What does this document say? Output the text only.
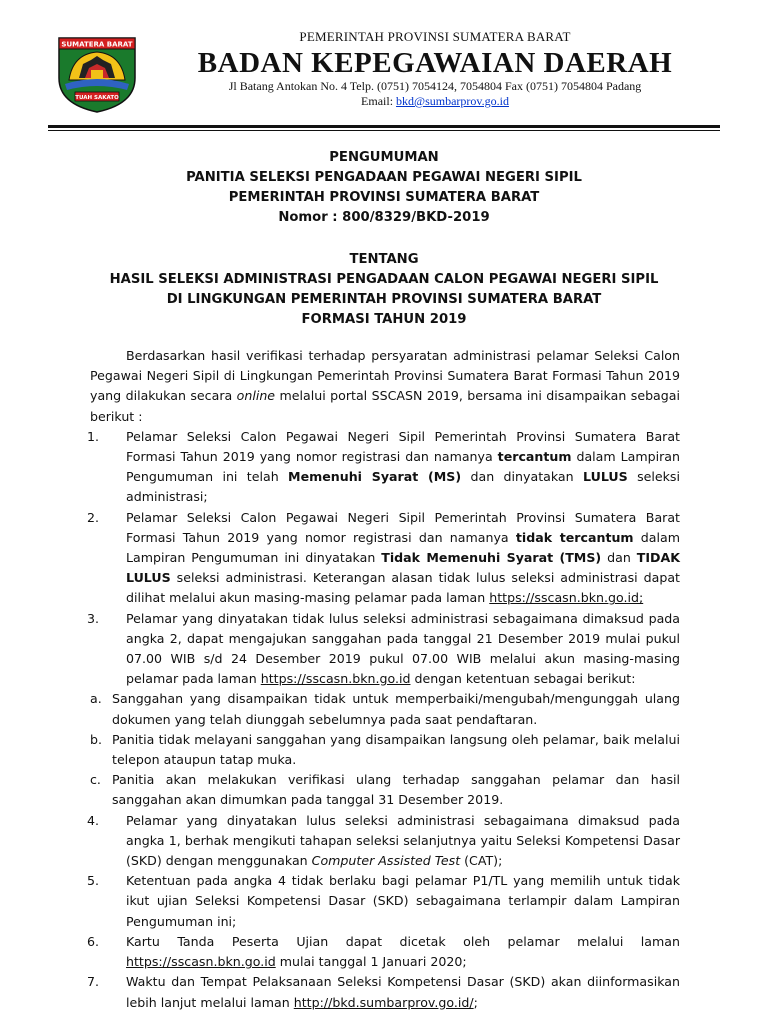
SUMATERA BARAT
TUAH SAKATO
PEMERINTAH PROVINSI SUMATERA BARAT
BADAN KEPEGAWAIAN DAERAH
Jl Batang Antokan No. 4 Telp. (0751) 7054124, 7054804 Fax (0751) 7054804 Padang
Email: bkd@sumbarprov.go.id
PENGUMUMAN
PANITIA SELEKSI PENGADAAN PEGAWAI NEGERI SIPIL
PEMERINTAH PROVINSI SUMATERA BARAT
Nomor : 800/8329/BKD-2019
TENTANG
HASIL SELEKSI ADMINISTRASI PENGADAAN CALON PEGAWAI NEGERI SIPIL
DI LINGKUNGAN PEMERINTAH PROVINSI SUMATERA BARAT
FORMASI TAHUN 2019

Berdasarkan hasil verifikasi terhadap persyaratan administrasi pelamar Seleksi Calon Pegawai Negeri Sipil di Lingkungan Pemerintah Provinsi Sumatera Barat Formasi Tahun 2019 yang dilakukan secara online melalui portal SSCASN 2019, bersama ini disampaikan sebagai berikut :

1.	Pelamar Seleksi Calon Pegawai Negeri Sipil Pemerintah Provinsi Sumatera Barat Formasi Tahun 2019 yang nomor registrasi dan namanya tercantum dalam Lampiran Pengumuman ini telah Memenuhi Syarat (MS) dan dinyatakan LULUS seleksi administrasi;

2.	Pelamar Seleksi Calon Pegawai Negeri Sipil Pemerintah Provinsi Sumatera Barat Formasi Tahun 2019 yang nomor registrasi dan namanya tidak tercantum dalam Lampiran Pengumuman ini dinyatakan Tidak Memenuhi Syarat (TMS) dan TIDAK LULUS seleksi administrasi. Keterangan alasan tidak lulus seleksi administrasi dapat dilihat melalui akun masing-masing pelamar pada laman https://sscasn.bkn.go.id;

3.	Pelamar yang dinyatakan tidak lulus seleksi administrasi sebagaimana dimaksud pada angka 2, dapat mengajukan sanggahan pada tanggal 21 Desember 2019 mulai pukul 07.00 WIB s/d 24 Desember 2019 pukul 07.00 WIB melalui akun masing-masing pelamar pada laman https://sscasn.bkn.go.id dengan ketentuan sebagai berikut:

a. Sanggahan yang disampaikan tidak untuk memperbaiki/mengubah/mengunggah ulang dokumen yang telah diunggah sebelumnya pada saat pendaftaran.

b. Panitia tidak melayani sanggahan yang disampaikan langsung oleh pelamar, baik melalui telepon ataupun tatap muka.

c. Panitia akan melakukan verifikasi ulang terhadap sanggahan pelamar dan hasil sanggahan akan dimumkan pada tanggal 31 Desember 2019.

4.	Pelamar yang dinyatakan lulus seleksi administrasi sebagaimana dimaksud pada angka 1, berhak mengikuti tahapan seleksi selanjutnya yaitu Seleksi Kompetensi Dasar (SKD) dengan menggunakan Computer Assisted Test (CAT);

5.	Ketentuan pada angka 4 tidak berlaku bagi pelamar P1/TL yang memilih untuk tidak ikut ujian Seleksi Kompetensi Dasar (SKD) sebagaimana terlampir dalam Lampiran Pengumuman ini;

6.	Kartu Tanda Peserta Ujian dapat dicetak oleh pelamar melalui laman https://sscasn.bkn.go.id mulai tanggal 1 Januari 2020;

7.	Waktu dan Tempat Pelaksanaan Seleksi Kompetensi Dasar (SKD) akan diinformasikan lebih lanjut melalui laman http://bkd.sumbarprov.go.id/;
